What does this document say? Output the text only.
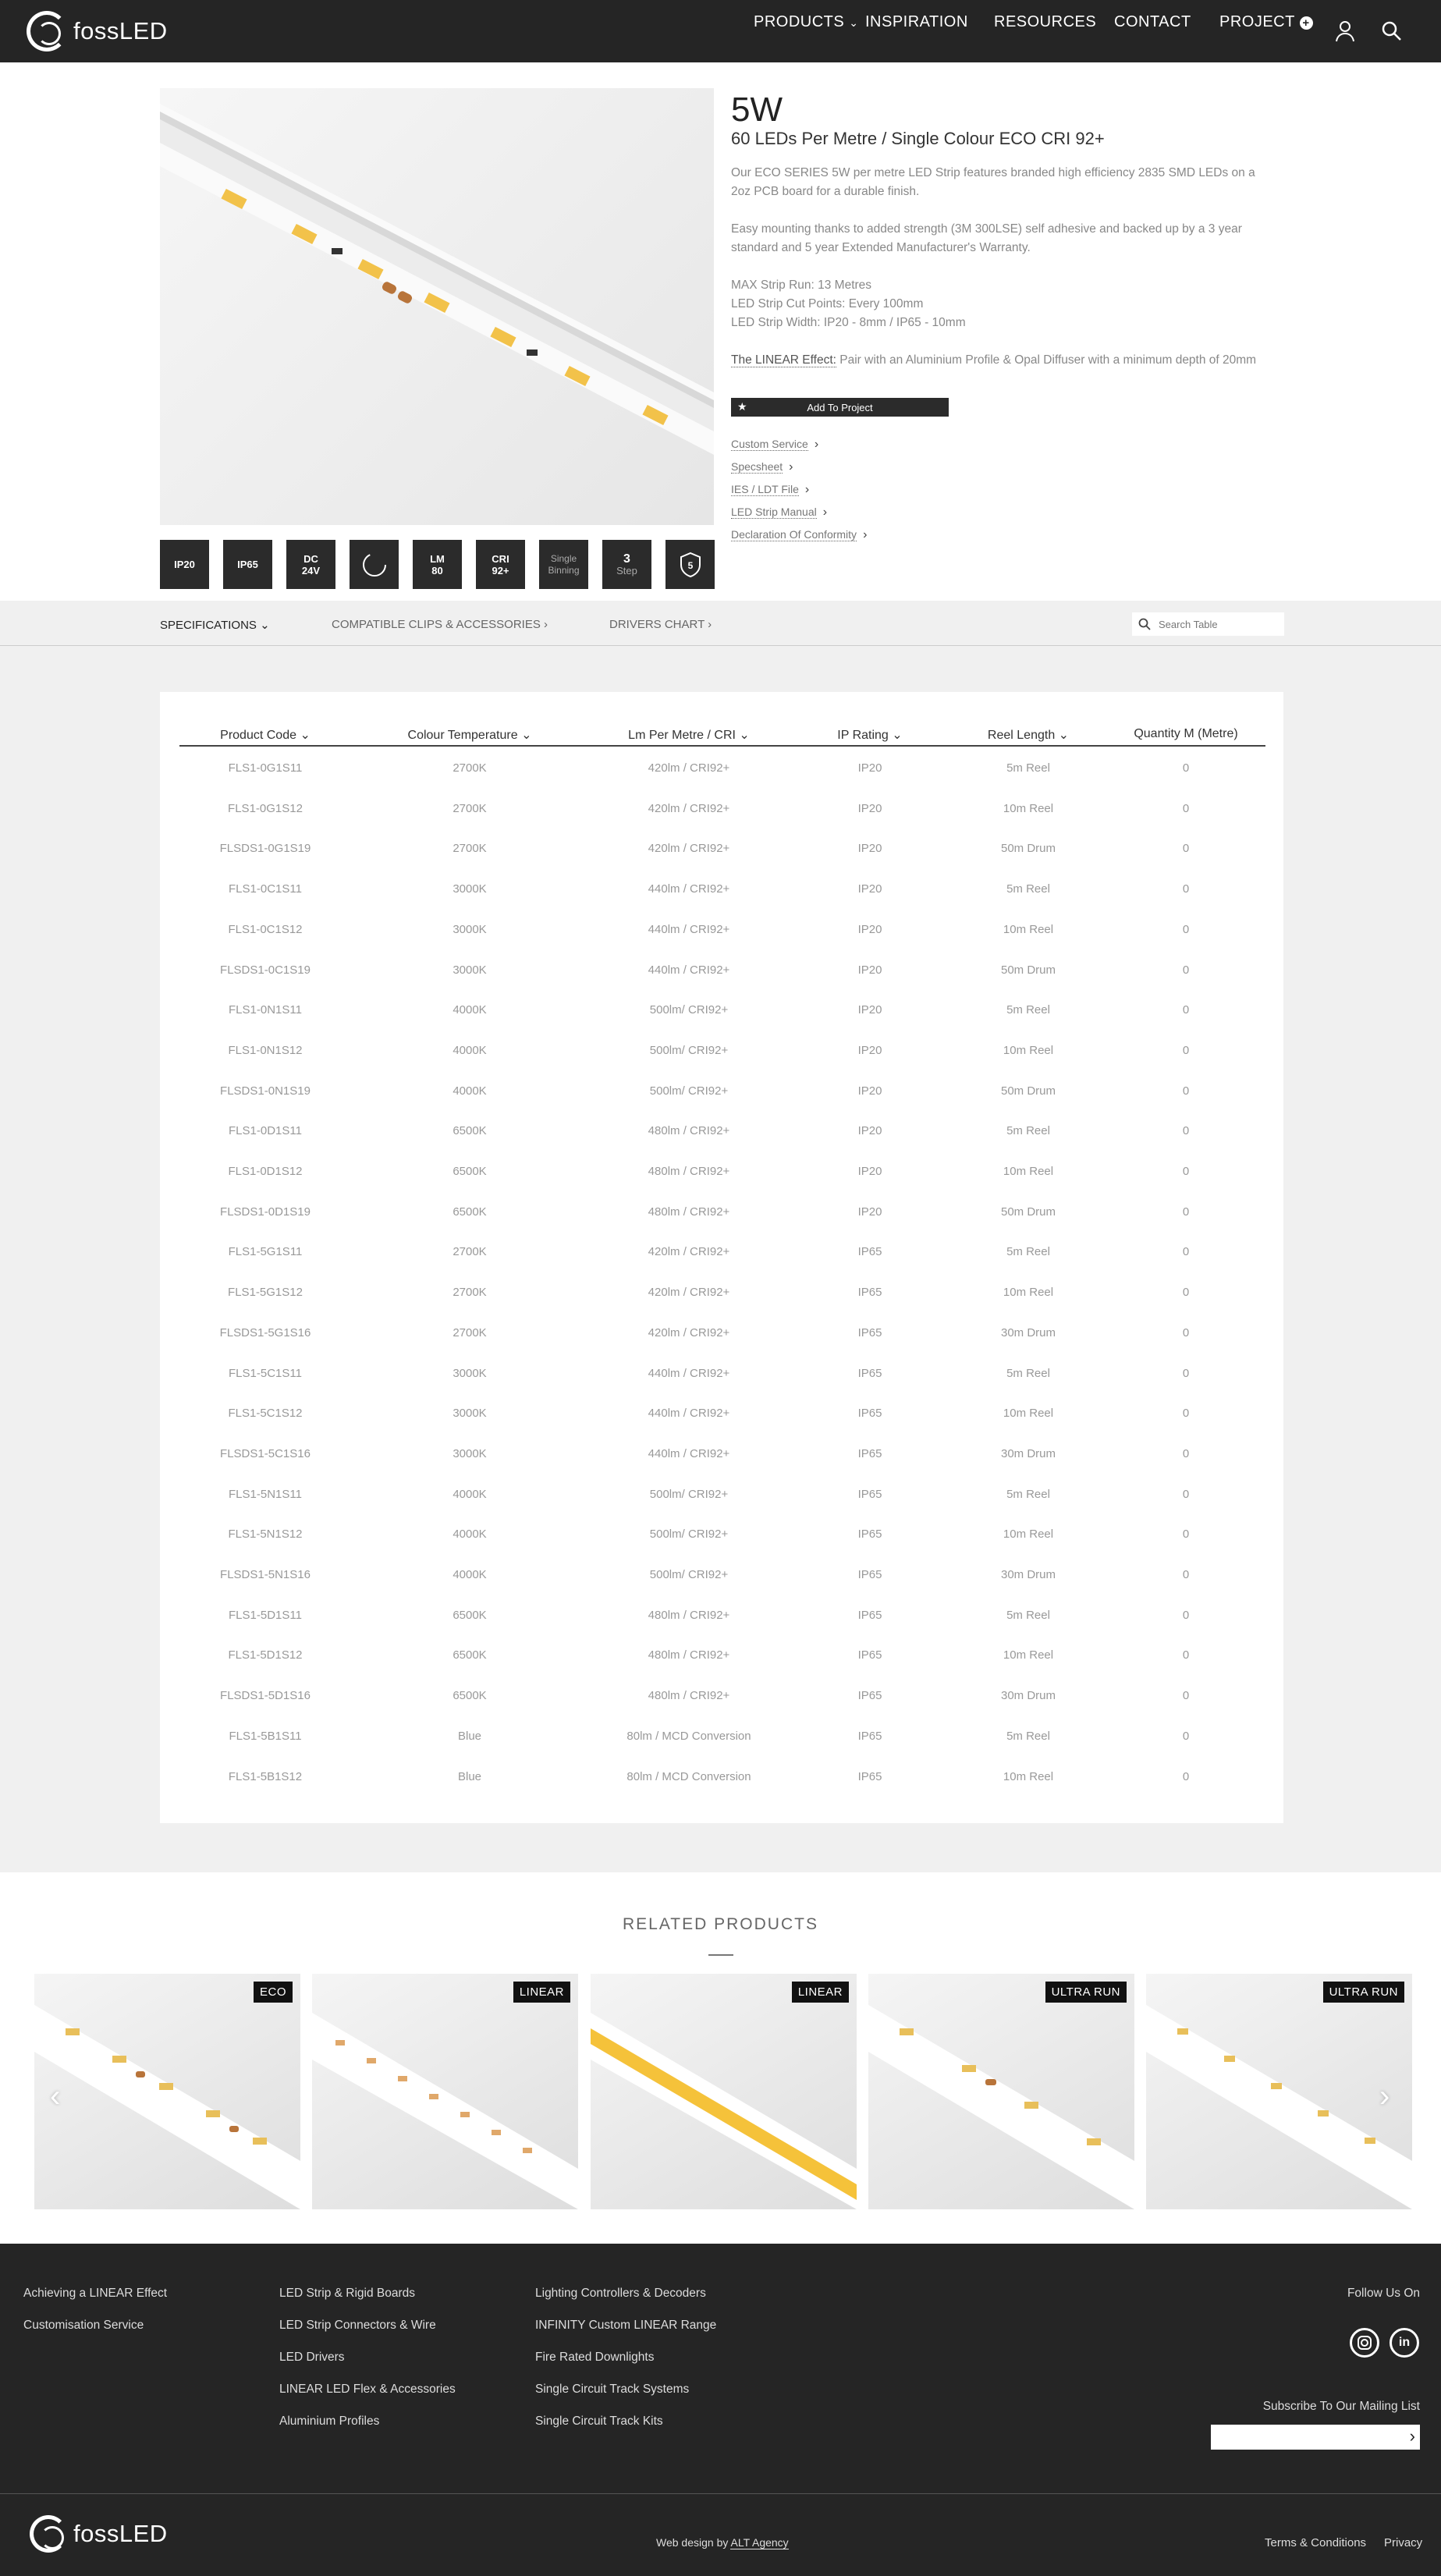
fossLED	PRODUCTS ⌄ INSPIRATION RESOURCES CONTACT PROJECT +
5W
60 LEDs Per Metre / Single Colour ECO CRI 92+

Our ECO SERIES 5W per metre LED Strip features branded high efficiency 2835 SMD LEDs on a 2oz PCB board for a durable finish.

Easy mounting thanks to added strength (3M 300LSE) self adhesive and backed up by a 3 year standard and 5 year Extended Manufacturer's Warranty.

MAX Strip Run: 13 Metres
LED Strip Cut Points: Every 100mm
LED Strip Width: IP20 - 8mm / IP65 - 10mm
The LINEAR Effect: Pair with an Aluminium Profile & Opal Diffuser with a minimum depth of 20mm
★	Add To Project
Custom Service ›
Specsheet ›
IES / LDT File ›
LED Strip Manual ›
Declaration Of Conformity ›
IP20	IP65	DC
24V
LM
80
CRI
92+
Single
Binning
3
Step	5
SPECIFICATIONS ⌄	COMPATIBLE CLIPS & ACCESSORIES ›	DRIVERS CHART ›	Search Table
Product Code ⌄	Colour Temperature ⌄	Lm Per Metre / CRI ⌄	IP Rating ⌄	Reel Length ⌄	Quantity M (Metre)
FLS1-0G1S11	2700K	420lm / CRI92+	IP20	5m Reel	0
FLS1-0G1S12	2700K	420lm / CRI92+	IP20	10m Reel	0
FLSDS1-0G1S19	2700K	420lm / CRI92+	IP20	50m Drum	0
FLS1-0C1S11	3000K	440lm / CRI92+	IP20	5m Reel	0
FLS1-0C1S12	3000K	440lm / CRI92+	IP20	10m Reel	0
FLSDS1-0C1S19	3000K	440lm / CRI92+	IP20	50m Drum	0
FLS1-0N1S11	4000K	500lm/ CRI92+	IP20	5m Reel	0
FLS1-0N1S12	4000K	500lm/ CRI92+	IP20	10m Reel	0
FLSDS1-0N1S19	4000K	500lm/ CRI92+	IP20	50m Drum	0
FLS1-0D1S11	6500K	480lm / CRI92+	IP20	5m Reel	0
FLS1-0D1S12	6500K	480lm / CRI92+	IP20	10m Reel	0
FLSDS1-0D1S19	6500K	480lm / CRI92+	IP20	50m Drum	0
FLS1-5G1S11	2700K	420lm / CRI92+	IP65	5m Reel	0
FLS1-5G1S12	2700K	420lm / CRI92+	IP65	10m Reel	0
FLSDS1-5G1S16	2700K	420lm / CRI92+	IP65	30m Drum	0
FLS1-5C1S11	3000K	440lm / CRI92+	IP65	5m Reel	0
FLS1-5C1S12	3000K	440lm / CRI92+	IP65	10m Reel	0
FLSDS1-5C1S16	3000K	440lm / CRI92+	IP65	30m Drum	0
FLS1-5N1S11	4000K	500lm/ CRI92+	IP65	5m Reel	0
FLS1-5N1S12	4000K	500lm/ CRI92+	IP65	10m Reel	0
FLSDS1-5N1S16	4000K	500lm/ CRI92+	IP65	30m Drum	0
FLS1-5D1S11	6500K	480lm / CRI92+	IP65	5m Reel	0
FLS1-5D1S12	6500K	480lm / CRI92+	IP65	10m Reel	0
FLSDS1-5D1S16	6500K	480lm / CRI92+	IP65	30m Drum	0
FLS1-5B1S11	Blue	80lm / MCD Conversion	IP65	5m Reel	0
FLS1-5B1S12	Blue	80lm / MCD Conversion	IP65	10m Reel	0
RELATED PRODUCTS
ECO	LINEAR	LINEAR	ULTRA RUN	ULTRA RUN
‹	›
Achieving a LINEAR Effect
Customisation Service
LED Strip & Rigid Boards
LED Strip Connectors & Wire
LED Drivers
LINEAR LED Flex & Accessories
Aluminium Profiles
Lighting Controllers & Decoders
INFINITY Custom LINEAR Range
Fire Rated Downlights
Single Circuit Track Systems
Single Circuit Track Kits
Follow Us On
in
Subscribe To Our Mailing List
›
fossLED	Web design by ALT Agency	Terms & Conditions Privacy
